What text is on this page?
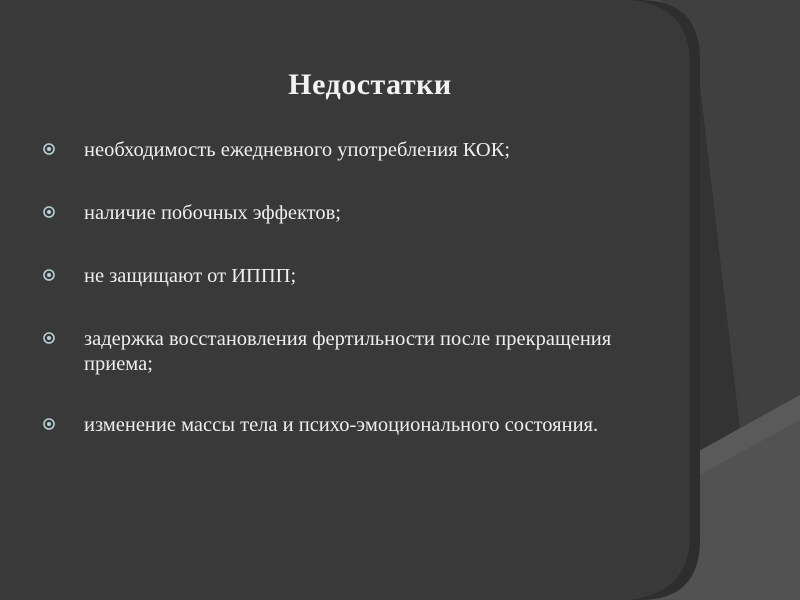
Недостатки
необходимость ежедневного употребления КОК;
наличие побочных эффектов;
не защищают от ИППП;
задержка восстановления фертильности после прекращения приема;
изменение массы тела и психо-эмоционального состояния.
